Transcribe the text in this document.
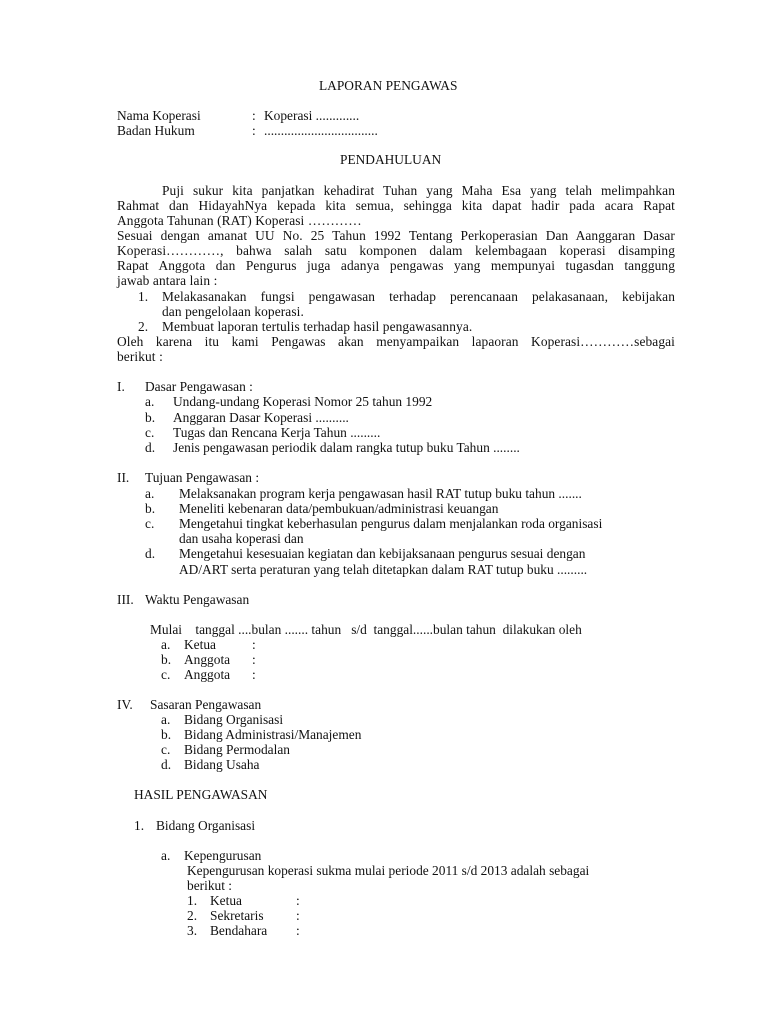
LAPORAN PENGAWAS
Nama Koperasi	: Koperasi .............
Badan Hukum	: ..................................
PENDAHULUAN
Puji sukur kita panjatkan kehadirat Tuhan yang Maha Esa yang telah melimpahkan
Rahmat dan HidayahNya kepada kita semua, sehingga kita dapat hadir pada acara Rapat
Anggota Tahunan (RAT) Koperasi …………
Sesuai dengan amanat UU No. 25 Tahun 1992 Tentang Perkoperasian Dan Aanggaran Dasar
Koperasi…………, bahwa salah satu komponen dalam kelembagaan koperasi disamping
Rapat Anggota dan Pengurus juga adanya pengawas yang mempunyai tugasdan tanggung
jawab antara lain :
1. Melakasanakan fungsi pengawasan terhadap perencanaan pelakasanaan, kebijakan
dan pengelolaan koperasi.
2. Membuat laporan tertulis terhadap hasil pengawasannya.
Oleh karena itu kami Pengawas akan menyampaikan lapaoran Koperasi…………sebagai
berikut :
I. Dasar Pengawasan :
a. Undang-undang Koperasi Nomor 25 tahun 1992
b. Anggaran Dasar Koperasi ..........
c. Tugas dan Rencana Kerja Tahun .........
d. Jenis pengawasan periodik dalam rangka tutup buku Tahun ........
II. Tujuan Pengawasan :
a. Melaksanakan program kerja pengawasan hasil RAT tutup buku tahun .......
b. Meneliti kebenaran data/pembukuan/administrasi keuangan
c. Mengetahui tingkat keberhasulan pengurus dalam menjalankan roda organisasi
dan usaha koperasi dan
d. Mengetahui kesesuaian kegiatan dan kebijaksanaan pengurus sesuai dengan
AD/ART serta peraturan yang telah ditetapkan dalam RAT tutup buku .........
III. Waktu Pengawasan
Mulai    tanggal ....bulan ....... tahun   s/d  tanggal......bulan tahun  dilakukan oleh
a. Ketua	:
b. Anggota :
c. Anggota :
IV. Sasaran Pengawasan
a. Bidang Organisasi
b. Bidang Administrasi/Manajemen
c. Bidang Permodalan
d. Bidang Usaha
HASIL PENGAWASAN
1. Bidang Organisasi
a. Kepengurusan
Kepengurusan koperasi sukma mulai periode 2011 s/d 2013 adalah sebagai
berikut :
1. Ketua	:
2. Sekretaris :
3. Bendahara :
